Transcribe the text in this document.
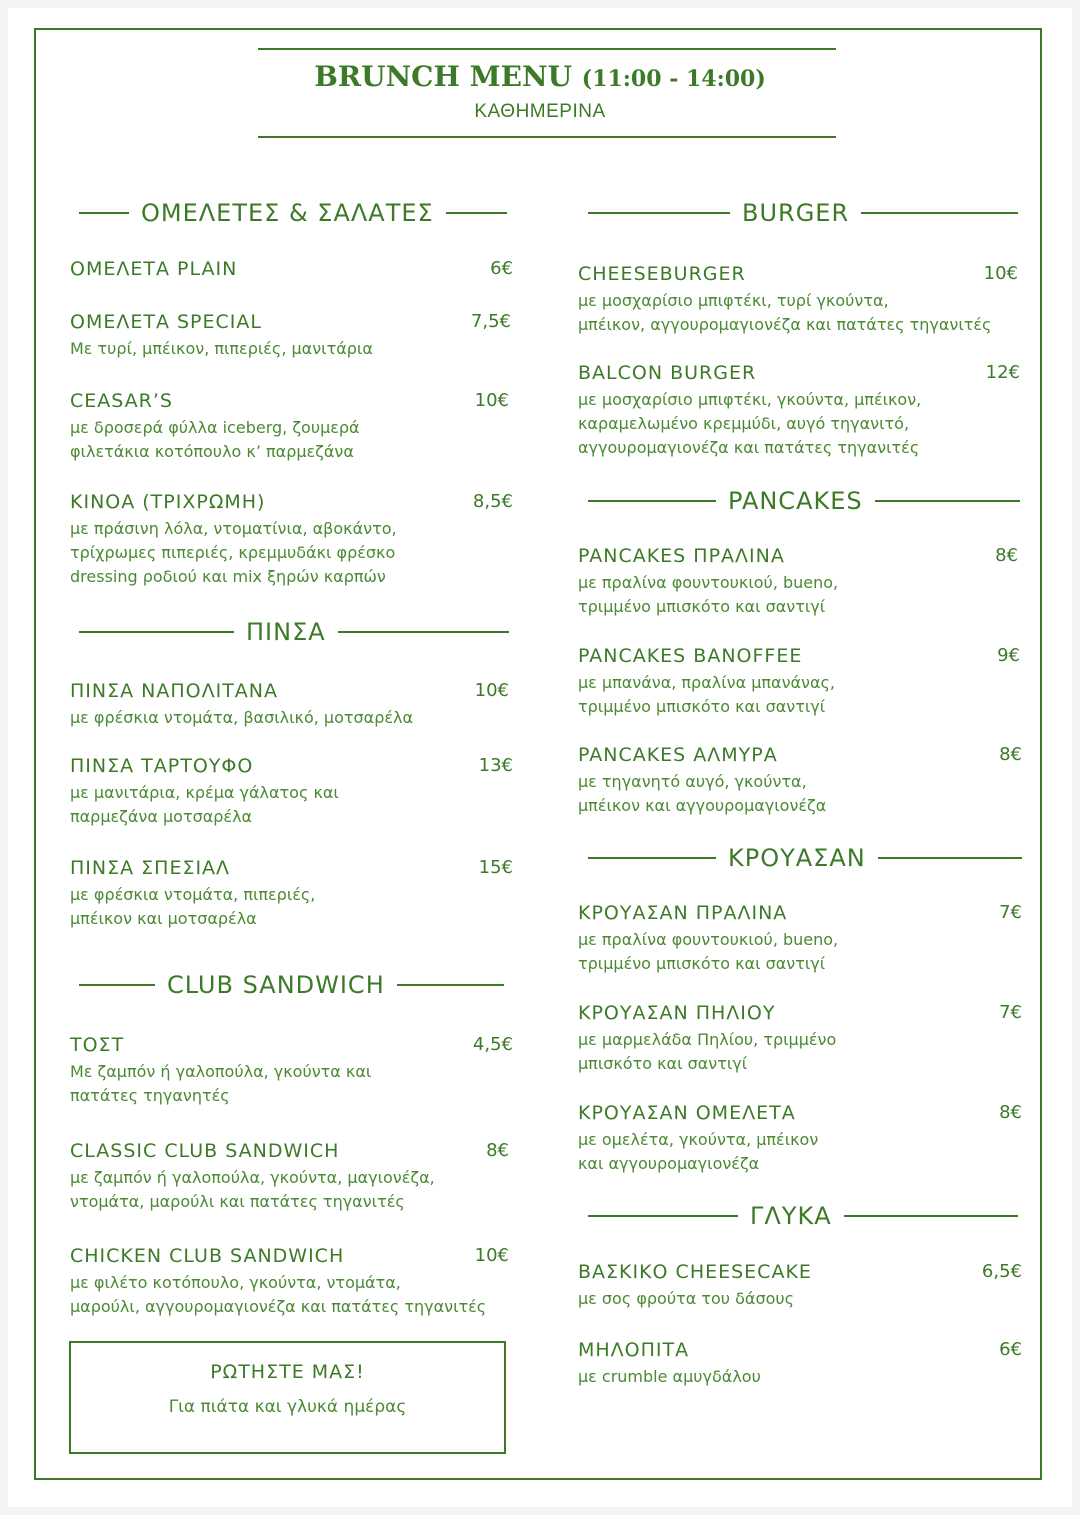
BRUNCH MENU (11:00 - 14:00)
ΚΑΘΗΜΕΡΙΝΑ
ΟΜΕΛΕΤΕΣ & ΣΑΛΑΤΕΣ
ΟΜΕΛΕΤΑ PLAIN	6€
ΟΜΕΛΕΤΑ SPECIAL	7,5€
Με τυρί, μπέικον, πιπεριές, μανιτάρια
CEASAR’S	10€
με δροσερά φύλλα iceberg, ζουμερά
φιλετάκια κοτόπουλο κ’ παρμεζάνα
ΚΙΝΟΑ (ΤΡΙΧΡΩΜΗ)	8,5€
με πράσινη λόλα, ντοματίνια, αβοκάντο,
τρίχρωμες πιπεριές, κρεμμυδάκι φρέσκο
dressing ροδιού και mix ξηρών καρπών
ΠΙΝΣΑ
ΠΙΝΣΑ ΝΑΠΟΛΙΤΑΝΑ	10€
με φρέσκια ντομάτα, βασιλικό, μοτσαρέλα
ΠΙΝΣΑ ΤΑΡΤΟΥΦΟ	13€
με μανιτάρια, κρέμα γάλατος και
παρμεζάνα μοτσαρέλα
ΠΙΝΣΑ ΣΠΕΣΙΑΛ	15€
με φρέσκια ντομάτα, πιπεριές,
μπέικον και μοτσαρέλα
CLUB SANDWICH
ΤΟΣΤ	4,5€
Με ζαμπόν ή γαλοπούλα, γκούντα και
πατάτες τηγανητές
CLASSIC CLUB SANDWICH	8€
με ζαμπόν ή γαλοπούλα, γκούντα, μαγιονέζα,
ντομάτα, μαρούλι και πατάτες τηγανιτές
CHICKEN CLUB SANDWICH	10€
με φιλέτο κοτόπουλο, γκούντα, ντομάτα,
μαρούλι, αγγουρομαγιονέζα και πατάτες τηγανιτές
ΡΩΤΗΣΤΕ ΜΑΣ!
Για πιάτα και γλυκά ημέρας
BURGER
CHEESEBURGER	10€
με μοσχαρίσιο μπιφτέκι, τυρί γκούντα,
μπέικον, αγγουρομαγιονέζα και πατάτες τηγανιτές
BALCON BURGER	12€
με μοσχαρίσιο μπιφτέκι, γκούντα, μπέικον,
καραμελωμένο κρεμμύδι, αυγό τηγανιτό,
αγγουρομαγιονέζα και πατάτες τηγανιτές
PANCAKES
PANCAKES ΠΡΑΛΙΝΑ	8€
με πραλίνα φουντουκιού, bueno,
τριμμένο μπισκότο και σαντιγί
PANCAKES BANOFFEE	9€
με μπανάνα, πραλίνα μπανάνας,
τριμμένο μπισκότο και σαντιγί
PANCAKES ΑΛΜΥΡΑ	8€
με τηγανητό αυγό, γκούντα,
μπέικον και αγγουρομαγιονέζα
ΚΡΟΥΑΣΑΝ
ΚΡΟΥΑΣΑΝ ΠΡΑΛΙΝΑ	7€
με πραλίνα φουντουκιού, bueno,
τριμμένο μπισκότο και σαντιγί
ΚΡΟΥΑΣΑΝ ΠΗΛΙΟΥ	7€
με μαρμελάδα Πηλίου, τριμμένο
μπισκότο και σαντιγί
ΚΡΟΥΑΣΑΝ ΟΜΕΛΕΤΑ	8€
με ομελέτα, γκούντα, μπέικον
και αγγουρομαγιονέζα
ΓΛΥΚΑ
ΒΑΣΚΙΚΟ CHEESECAKE	6,5€
με σος φρούτα του δάσους
ΜΗΛΟΠΙΤΑ	6€
με crumble αμυγδάλου
